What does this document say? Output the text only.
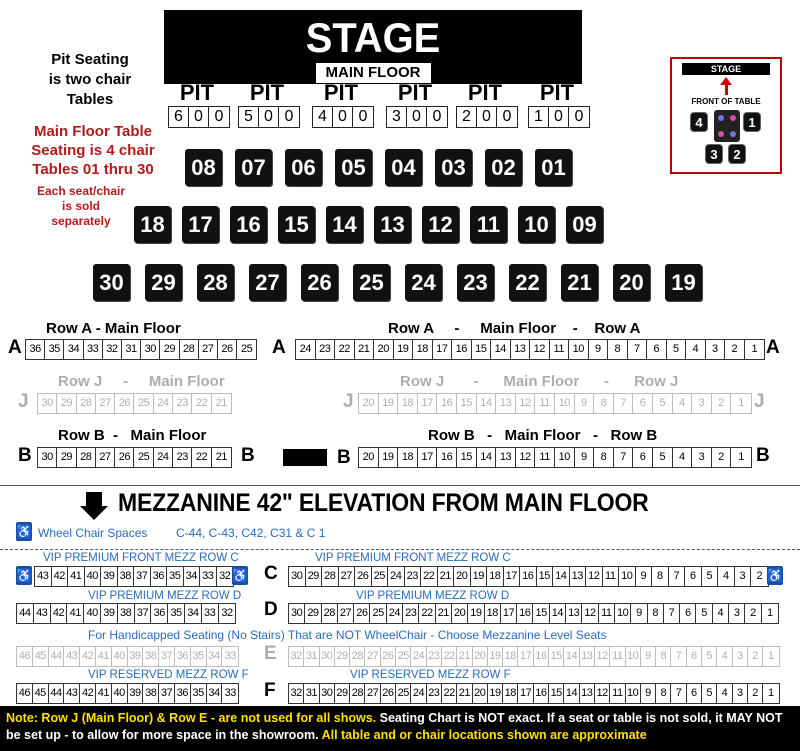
STAGE
MAIN FLOOR
Pit Seating
is two chair
Tables
Main Floor Table
Seating is 4 chair
Tables 01 thru 30
Each seat/chair
is sold
separately
STAGE
FRONT OF TABLE
4	1
3	2
Row A - Main Floor	Row A     -     Main Floor    -    Row A
A 36 35 34 33 32 31 30 29 28 27 26 25 A	24 23 22 21 20 19 18 17 16 15 14 13 12 11 10	9	8	7	6	5	4	3	2	1 A
Row J     -     Main Floor	Row J       -      Main Floor      -      Row J
J	30 29 28 27 26 25 24 23 22 21	J 20 19 18 17 16 15 14 13 12 11 10	9	8	7	6	5	4	3	2	1 J
Row B  -   Main Floor	Row B   -   Main Floor   -   Row B
B 30 29 28 27 26 25 24 23 22 21 B	B	20 19 18 17 16 15 14 13 12 11 10	9	8	7	6	5	4	3	2	1 B
MEZZANINE 42" ELEVATION FROM MAIN FLOOR
♿ Wheel Chair Spaces C-44, C-43, C42, C31 & C 1
VIP PREMIUM FRONT MEZZ ROW C	VIP PREMIUM FRONT MEZZ ROW C
♿ 43 42 41 40 39 38 37 36 35 34 33 32 ♿ C 30 29 28 27 26 25 24 23 22 21 20 19 18 17 16 15 14 13 12 11 10 9 8 7 6 5 4 3	2 ♿
VIP PREMIUM MEZZ ROW D	VIP PREMIUM MEZZ ROW D
44 43 42 41 40 39 38 37 36 35 34 33 32 D 30 29 28 27 26 25 24 23 22 21 20 19 18 17 16 15 14 13 12 11 10 9 8 7 6 5 4 3 2	1
For Handicapped Seating (No Stairs) That are NOT WheelChair - Choose Mezzanine Level Seats
46 45 44 43 42 41 40 39 38 37 36 35 34 33 E 32 31 30 29 28 27 26 25 24 23 22 21 20 19 18 17 16 15 14 13 12 11 10 9 8 7 6 5 4 3 2 1
VIP RESERVED MEZZ ROW F	VIP RESERVED MEZZ ROW F
46 45 44 43 42 41 40 39 38 37 36 35 34 33 F 32 31 30 29 28 27 26 25 24 23 22 21 20 19 18 17 16 15 14 13 12 11 10 9 8 7 6 5 4 3 2 1
Note: Row J (Main Floor) & Row E - are not used for all shows. Seating Chart is NOT exact. If a seat or table is not sold, it MAY NOT be set up - to allow for more space in the showroom. All table and or chair locations shown are approximate
PIT
6 0 0
PIT
5 0 0
PIT
4 0 0
PIT
3 0 0
PIT
2 0 0
PIT
1 0 0
08 07 06 05 04 03 02 01
18 17 16 15 14 13 12	11	10 09
30 29 28 27 26 25 24 23 22 21 20 19
